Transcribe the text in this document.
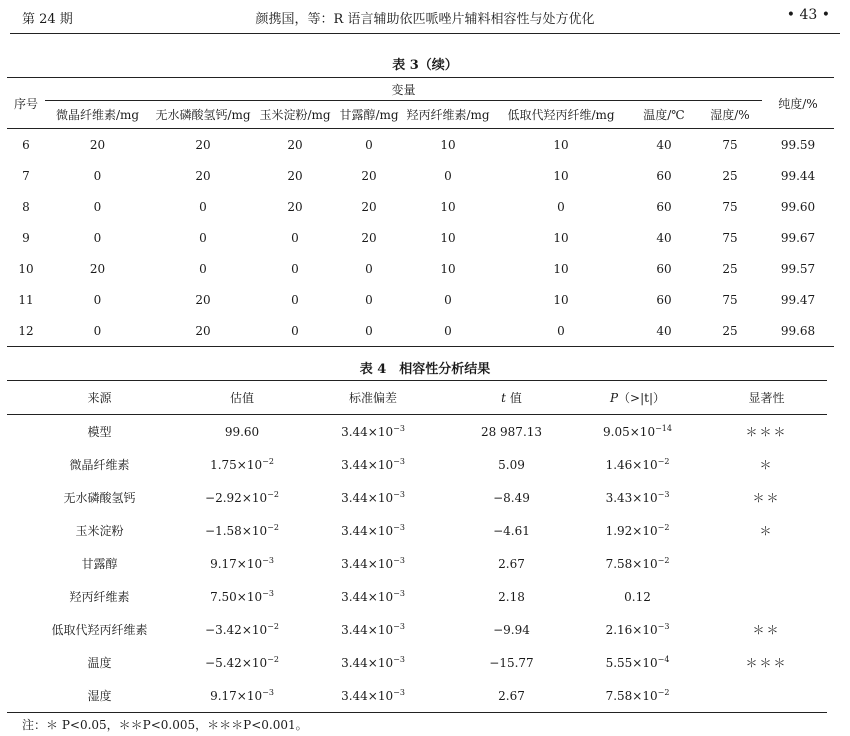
第 24 期	颜携国，等：R 语言辅助依匹哌唑片辅料相容性与处方优化	• 43 •
表 3（续）
序号	变量								纯度/%
	微晶纤维素/mg	无水磷酸氢钙/mg	玉米淀粉/mg	甘露醇/mg	羟丙纤维素/mg	低取代羟丙纤维/mg	温度/℃	湿度/%	
6	20	20	20	0	10	10	40	75	99.59
7	0	20	20	20	0	10	60	25	99.44
8	0	0	20	20	10	0	60	75	99.60
9	0	0	0	20	10	10	40	75	99.67
10	20	0	0	0	10	10	60	25	99.57
11	0	20	0	0	0	10	60	75	99.47
12	0	20	0	0	0	0	40	25	99.68
表 4　相容性分析结果
来源	估值	标准偏差	t 值	P（>|t|）	显著性
模型	99.60	$3.44\times 10^{-3}$	28 987.13	$9.05\times 10^{-14}$	＊＊＊
微晶纤维素	$1.75\times 10^{-2}$	$3.44\times 10^{-3}$	5.09	$1.46\times 10^{-2}$	＊
无水磷酸氢钙	$-2.92\times 10^{-2}$	$3.44\times 10^{-3}$	−8.49	$3.43\times 10^{-3}$	＊＊
玉米淀粉	$-1.58\times 10^{-2}$	$3.44\times 10^{-3}$	−4.61	$1.92\times 10^{-2}$	＊
甘露醇	$9.17\times 10^{-3}$	$3.44\times 10^{-3}$	2.67	$7.58\times 10^{-2}$	
羟丙纤维素	$7.50\times 10^{-3}$	$3.44\times 10^{-3}$	2.18	0.12	
低取代羟丙纤维素	$-3.42\times 10^{-2}$	$3.44\times 10^{-3}$	−9.94	$2.16\times 10^{-3}$	＊＊
温度	$-5.42\times 10^{-2}$	$3.44\times 10^{-3}$	−15.77	$5.55\times 10^{-4}$	＊＊＊
湿度	$9.17\times 10^{-3}$	$3.44\times 10^{-3}$	2.67	$7.58\times 10^{-2}$	
注：＊ P<0.05，＊＊P<0.005，＊＊＊P<0.001。
